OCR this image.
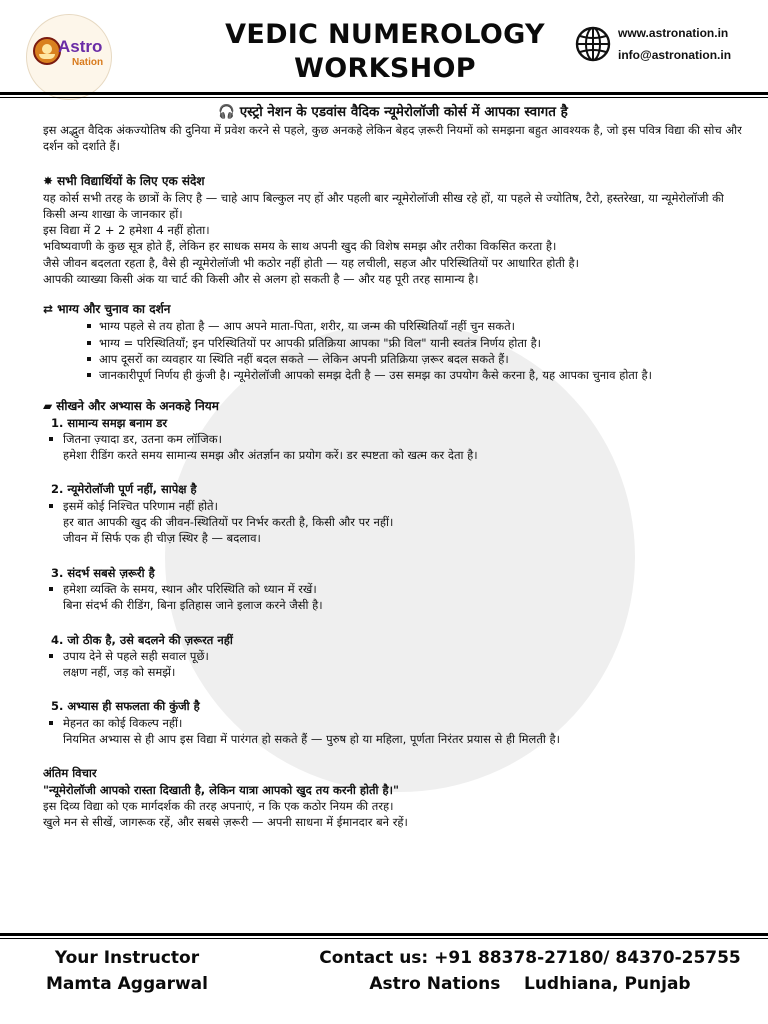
Astro
Nation
VEDIC NUMEROLOGY
WORKSHOP
www.astronation.in
info@astronation.in
🎧 एस्ट्रो नेशन के एडवांस वैदिक न्यूमेरोलॉजी कोर्स में आपका स्वागत है

इस अद्भुत वैदिक अंकज्योतिष की दुनिया में प्रवेश करने से पहले, कुछ अनकहे लेकिन बेहद ज़रूरी नियमों को समझना बहुत आवश्यक है, जो इस पवित्र विद्या की सोच और दर्शन को दर्शाते हैं।

✸ सभी विद्यार्थियों के लिए एक संदेश

यह कोर्स सभी तरह के छात्रों के लिए है — चाहे आप बिल्कुल नए हों और पहली बार न्यूमेरोलॉजी सीख रहे हों, या पहले से ज्योतिष, टैरो, हस्तरेखा, या न्यूमेरोलॉजी की किसी अन्य शाखा के जानकार हों।

इस विद्या में 2 + 2 हमेशा 4 नहीं होता।

भविष्यवाणी के कुछ सूत्र होते हैं, लेकिन हर साधक समय के साथ अपनी खुद की विशेष समझ और तरीका विकसित करता है।

जैसे जीवन बदलता रहता है, वैसे ही न्यूमेरोलॉजी भी कठोर नहीं होती — यह लचीली, सहज और परिस्थितियों पर आधारित होती है।

आपकी व्याख्या किसी अंक या चार्ट की किसी और से अलग हो सकती है — और यह पूरी तरह सामान्य है।

⇄ भाग्य और चुनाव का दर्शन
भाग्य पहले से तय होता है — आप अपने माता-पिता, शरीर, या जन्म की परिस्थितियाँ नहीं चुन सकते।
भाग्य = परिस्थितियाँ; इन परिस्थितियों पर आपकी प्रतिक्रिया आपका "फ्री विल" यानी स्वतंत्र निर्णय होता है।
आप दूसरों का व्यवहार या स्थिति नहीं बदल सकते — लेकिन अपनी प्रतिक्रिया ज़रूर बदल सकते हैं।
जानकारीपूर्ण निर्णय ही कुंजी है। न्यूमेरोलॉजी आपको समझ देती है — उस समझ का उपयोग कैसे करना है, यह आपका चुनाव होता है।
▰ सीखने और अभ्यास के अनकहे नियम
1. सामान्य समझ बनाम डर
जितना ज़्यादा डर, उतना कम लॉजिक।
हमेशा रीडिंग करते समय सामान्य समझ और अंतर्ज्ञान का प्रयोग करें। डर स्पष्टता को खत्म कर देता है।
2. न्यूमेरोलॉजी पूर्ण नहीं, सापेक्ष है
इसमें कोई निश्चित परिणाम नहीं होते।
हर बात आपकी खुद की जीवन-स्थितियों पर निर्भर करती है, किसी और पर नहीं।
जीवन में सिर्फ एक ही चीज़ स्थिर है — बदलाव।
3. संदर्भ सबसे ज़रूरी है
हमेशा व्यक्ति के समय, स्थान और परिस्थिति को ध्यान में रखें।
बिना संदर्भ की रीडिंग, बिना इतिहास जाने इलाज करने जैसी है।
4. जो ठीक है, उसे बदलने की ज़रूरत नहीं
उपाय देने से पहले सही सवाल पूछें।
लक्षण नहीं, जड़ को समझें।
5. अभ्यास ही सफलता की कुंजी है
मेहनत का कोई विकल्प नहीं।
नियमित अभ्यास से ही आप इस विद्या में पारंगत हो सकते हैं — पुरुष हो या महिला, पूर्णता निरंतर प्रयास से ही मिलती है।
अंतिम विचार
"न्यूमेरोलॉजी आपको रास्ता दिखाती है, लेकिन यात्रा आपको खुद तय करनी होती है।"

इस दिव्य विद्या को एक मार्गदर्शक की तरह अपनाएं, न कि एक कठोर नियम की तरह।

खुले मन से सीखें, जागरूक रहें, और सबसे ज़रूरी — अपनी साधना में ईमानदार बने रहें।

Your Instructor
Mamta Aggarwal
Contact us: +91 88378-27180/ 84370-25755
Astro Nations    Ludhiana, Punjab
